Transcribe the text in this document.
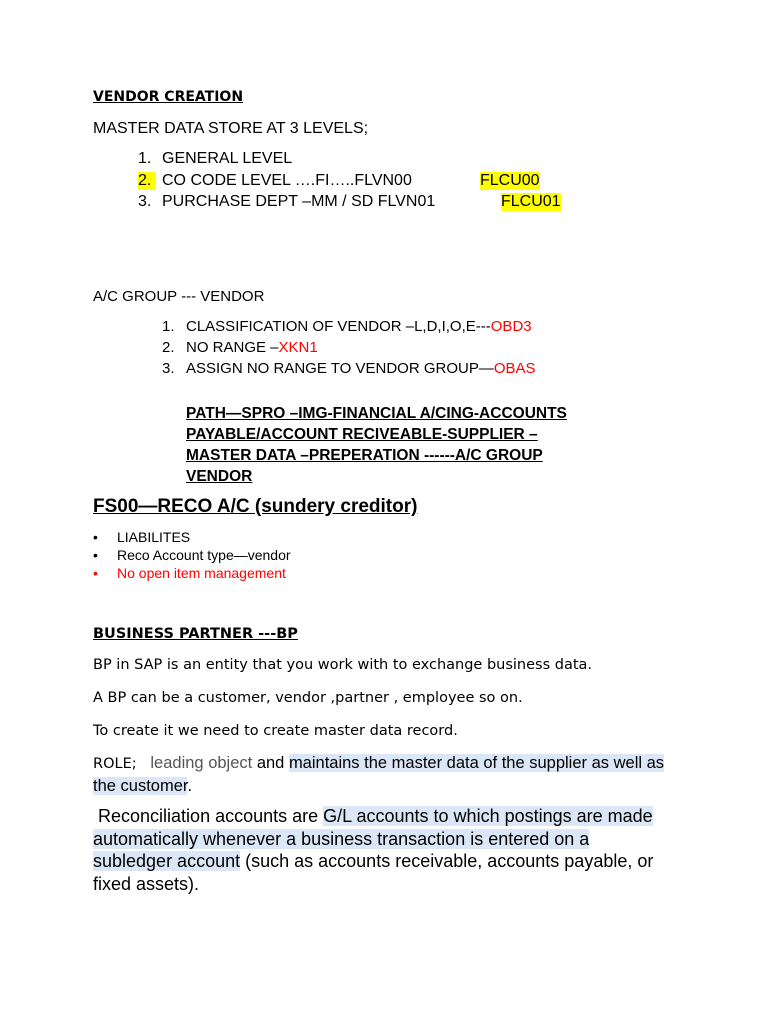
VENDOR CREATION
MASTER DATA STORE AT 3 LEVELS;
1. GENERAL LEVEL
2. CO CODE LEVEL ….FI…..FLVN00	FLCU00
3. PURCHASE DEPT –MM / SD FLVN01	FLCU01
A/C GROUP --- VENDOR
1. CLASSIFICATION OF VENDOR –L,D,I,O,E---OBD3
2. NO RANGE –XKN1
3. ASSIGN NO RANGE TO VENDOR GROUP—OBAS
PATH—SPRO –IMG-FINANCIAL A/CING-ACCOUNTS
PAYABLE/ACCOUNT RECIVEABLE-SUPPLIER –
MASTER DATA –PREPERATION ------A/C GROUP
VENDOR
FS00—RECO A/C (sundery creditor)
• LIABILITES
• Reco Account type—vendor
• No open item management
BUSINESS PARTNER ---BP
BP in SAP is an entity that you work with to exchange business data.
A BP can be a customer, vendor ,partner , employee so on.
To create it we need to create master data record.
ROLE; leading object and maintains the master data of the supplier as well as the customer.
Reconciliation accounts are G/L accounts to which postings are made automatically whenever a business transaction is entered on a subledger account (such as accounts receivable, accounts payable, or fixed assets).
